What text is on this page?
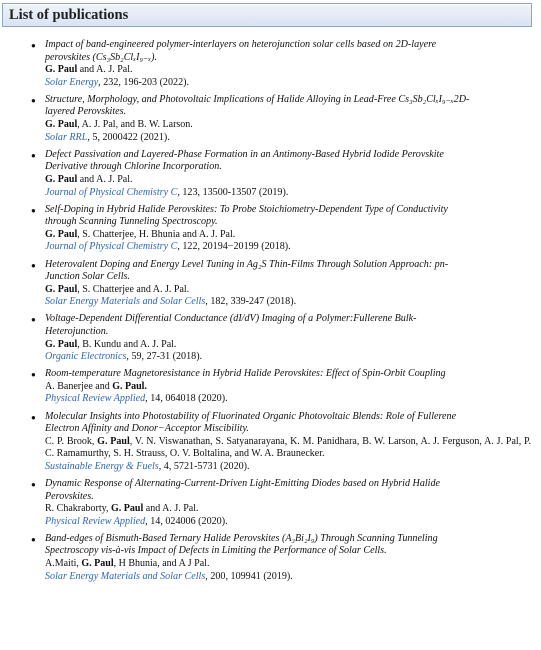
List of publications
● Impact of band-engineered polymer-interlayers on heterojunction solar cells based on 2D-layere
perovskites (Cs₃Sb₂ClₓI₉₋ₓ).
G. Paul and A. J. Pal.
Solar Energy, 232, 196-203 (2022).
● Structure, Morphology, and Photovoltaic Implications of Halide Alloying in Lead-Free Cs₃Sb₂ClₓI₉₋ₓ2D-
layered Perovskites.
G. Paul, A. J. Pal, and B. W. Larson.
Solar RRL, 5, 2000422 (2021).
● Defect Passivation and Layered-Phase Formation in an Antimony-Based Hybrid Iodide Perovskite
Derivative through Chlorine Incorporation.
G. Paul and A. J. Pal.
Journal of Physical Chemistry C, 123, 13500-13507 (2019).
● Self-Doping in Hybrid Halide Perovskites: To Probe Stoichiometry-Dependent Type of Conductivity
through Scanning Tunneling Spectroscopy.
G. Paul, S. Chatterjee, H. Bhunia and A. J. Pal.
Journal of Physical Chemistry C, 122, 20194−20199 (2018).
● Heterovalent Doping and Energy Level Tuning in Ag₂S Thin-Films Through Solution Approach: pn-
Junction Solar Cells.
G. Paul, S. Chatterjee and A. J. Pal.
Solar Energy Materials and Solar Cells, 182, 339-247 (2018).
● Voltage-Dependent Differential Conductance (dI/dV) Imaging of a Polymer:Fullerene Bulk-
Heterojunction.
G. Paul, B. Kundu and A. J. Pal.
Organic Electronics, 59, 27-31 (2018).
● Room-temperature Magnetoresistance in Hybrid Halide Perovskites: Effect of Spin-Orbit Coupling
A. Banerjee and G. Paul.
Physical Review Applied, 14, 064018 (2020).
● Molecular Insights into Photostability of Fluorinated Organic Photovoltaic Blends: Role of Fullerene
Electron Affinity and Donor−Acceptor Miscibility.
C. P. Brook, G. Paul, V. N. Viswanathan, S. Satyanarayana, K. M. Panidhara, B. W. Larson, A. J. Ferguson, A. J. Pal, P. C. Ramamurthy, S. H. Strauss, O. V. Boltalina, and W. A. Braunecker.
Sustainable Energy & Fuels, 4, 5721-5731 (2020).
● Dynamic Response of Alternating-Current-Driven Light-Emitting Diodes based on Hybrid Halide
Perovskites.
R. Chakraborty, G. Paul and A. J. Pal.
Physical Review Applied, 14, 024006 (2020).
● Band-edges of Bismuth-Based Ternary Halide Perovskites (A₃Bi₂I₉) Through Scanning Tunneling
Spectroscopy vis-à-vis Impact of Defects in Limiting the Performance of Solar Cells.
A.Maiti, G. Paul, H Bhunia, and A J Pal.
Solar Energy Materials and Solar Cells, 200, 109941 (2019).
